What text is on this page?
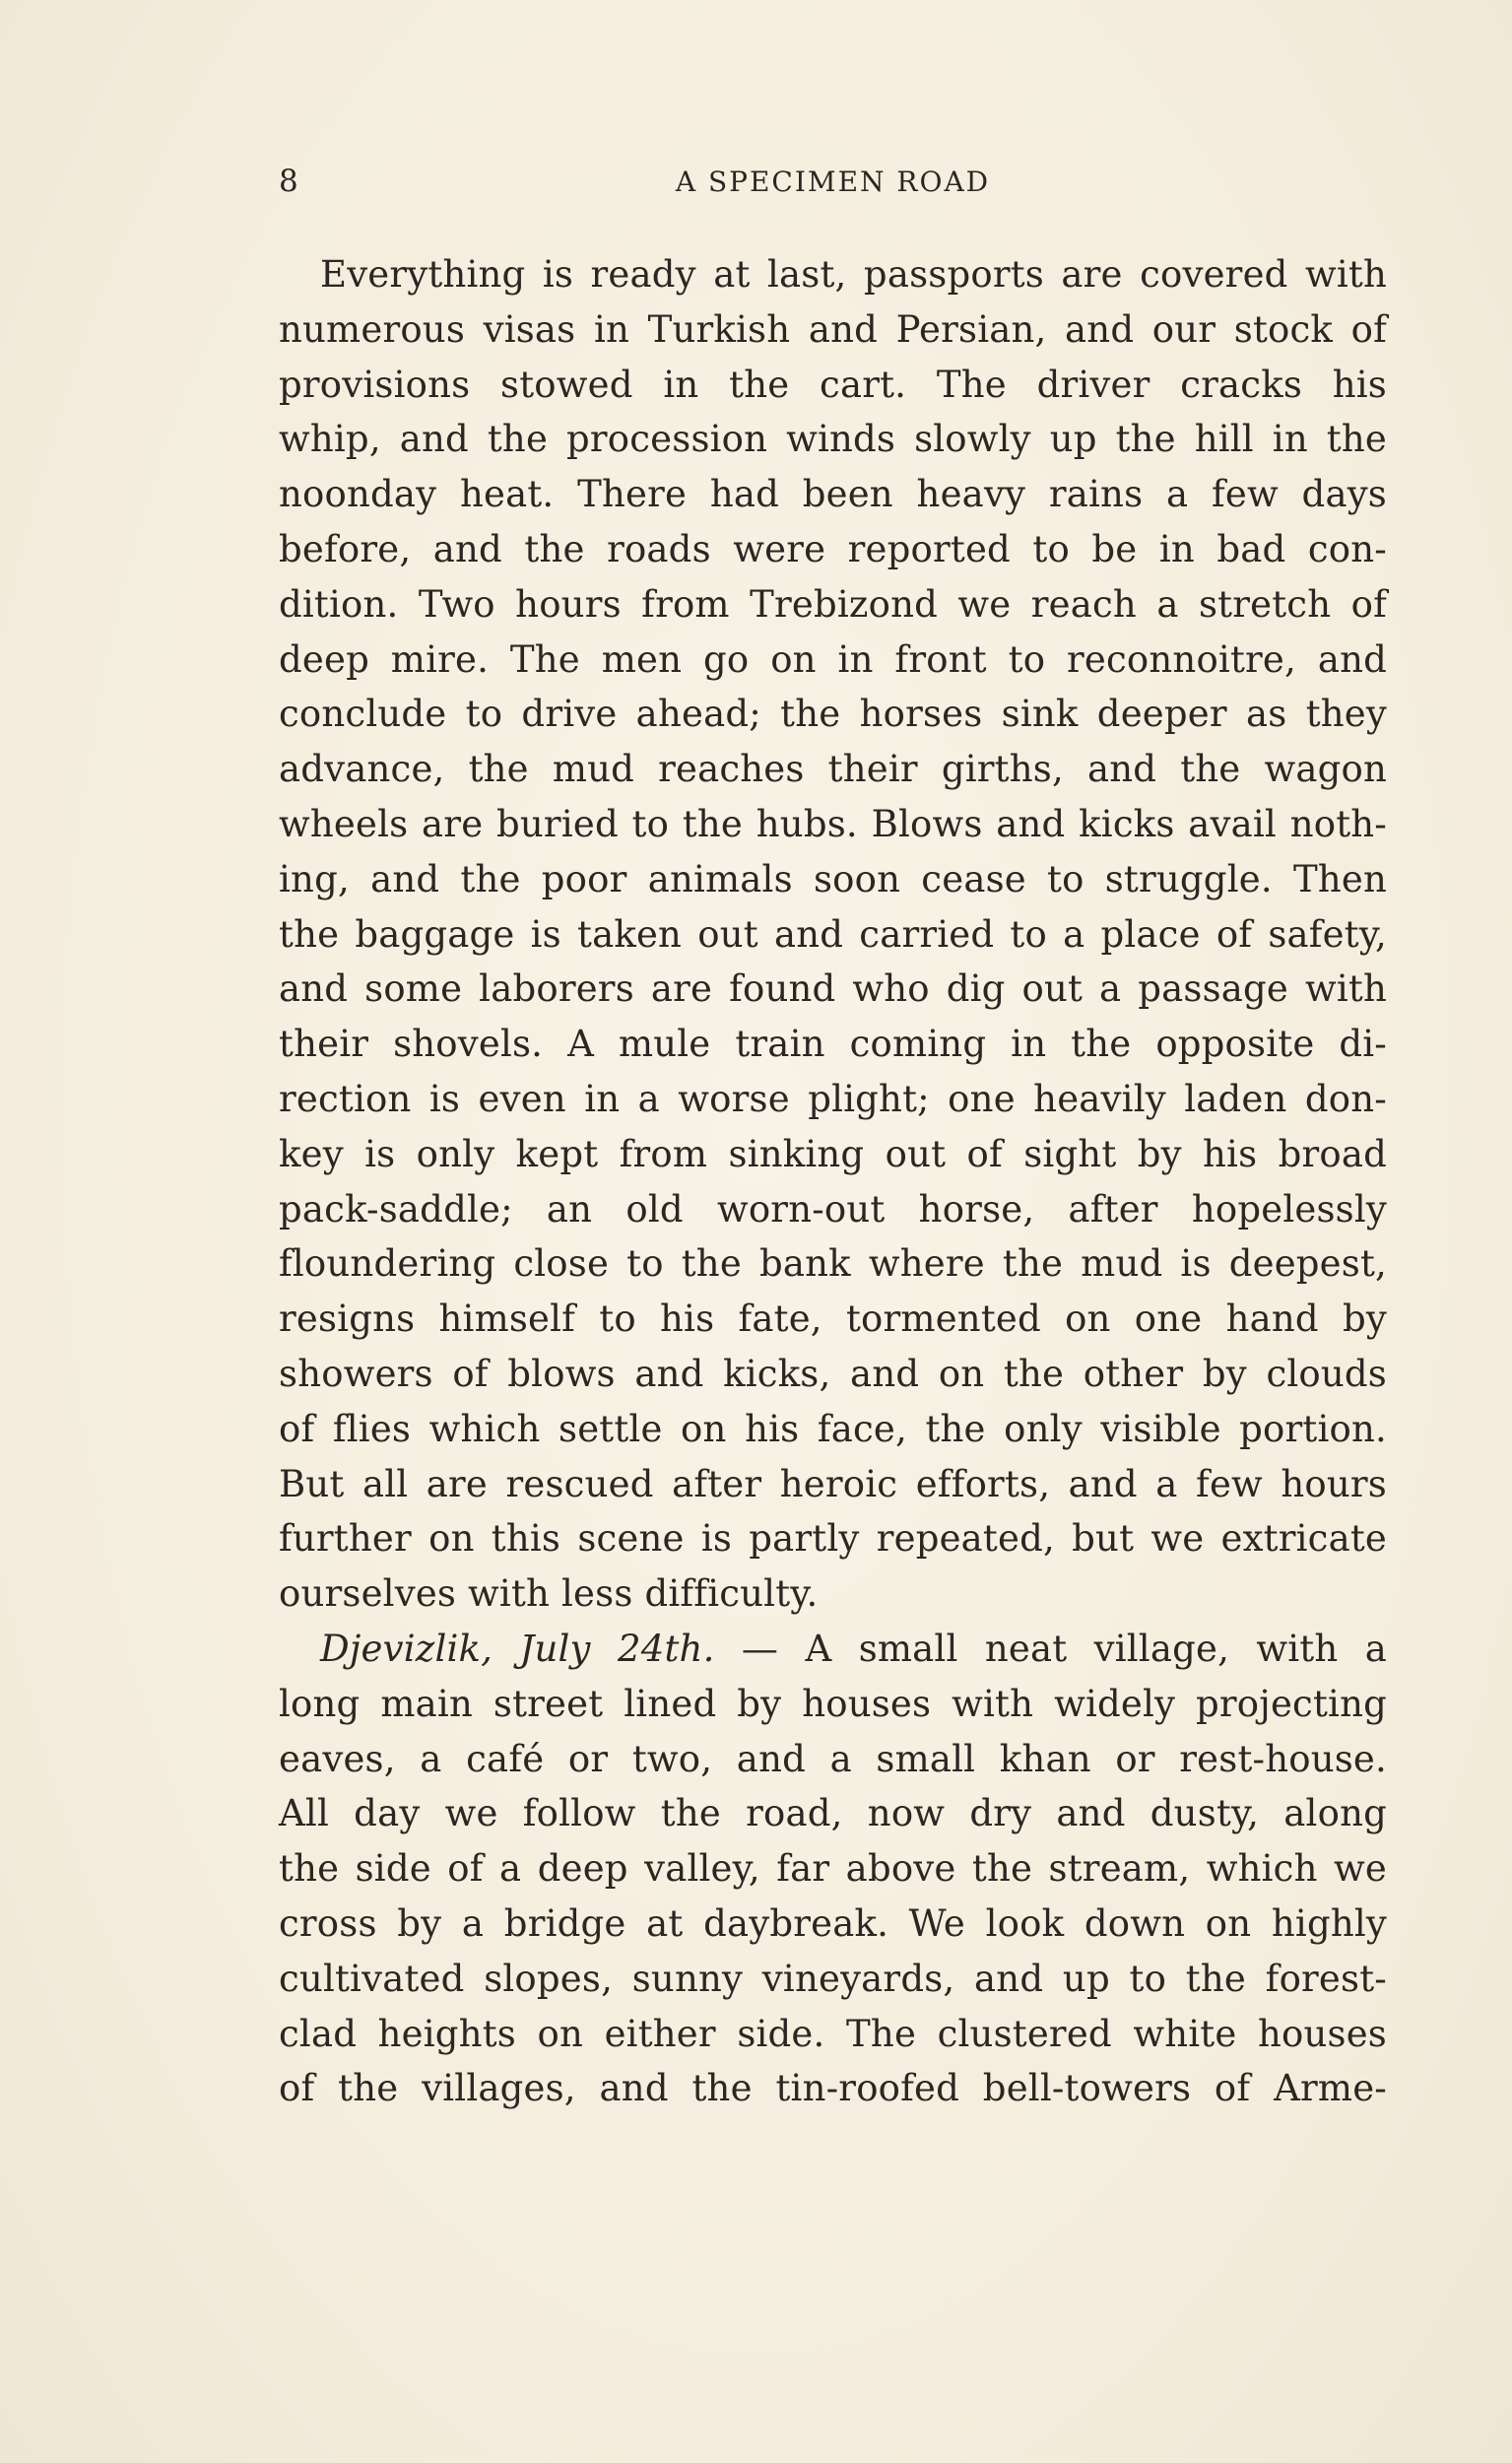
8	A SPECIMEN ROAD
Everything is ready at last, passports are covered with
numerous visas in Turkish and Persian, and our stock of
provisions stowed in the cart. The driver cracks his
whip, and the procession winds slowly up the hill in the
noonday heat. There had been heavy rains a few days
before, and the roads were reported to be in bad con-
dition. Two hours from Trebizond we reach a stretch of
deep mire. The men go on in front to reconnoitre, and
conclude to drive ahead; the horses sink deeper as they
advance, the mud reaches their girths, and the wagon
wheels are buried to the hubs. Blows and kicks avail noth-
ing, and the poor animals soon cease to struggle. Then
the baggage is taken out and carried to a place of safety,
and some laborers are found who dig out a passage with
their shovels. A mule train coming in the opposite di-
rection is even in a worse plight; one heavily laden don-
key is only kept from sinking out of sight by his broad
pack-saddle; an old worn-out horse, after hopelessly
floundering close to the bank where the mud is deepest,
resigns himself to his fate, tormented on one hand by
showers of blows and kicks, and on the other by clouds
of flies which settle on his face, the only visible portion.
But all are rescued after heroic efforts, and a few hours
further on this scene is partly repeated, but we extricate
ourselves with less difficulty.
Djevizlik, July 24th. — A small neat village, with a
long main street lined by houses with widely projecting
eaves, a café or two, and a small khan or rest-house.
All day we follow the road, now dry and dusty, along
the side of a deep valley, far above the stream, which we
cross by a bridge at daybreak. We look down on highly
cultivated slopes, sunny vineyards, and up to the forest-
clad heights on either side. The clustered white houses
of the villages, and the tin-roofed bell-towers of Arme-
